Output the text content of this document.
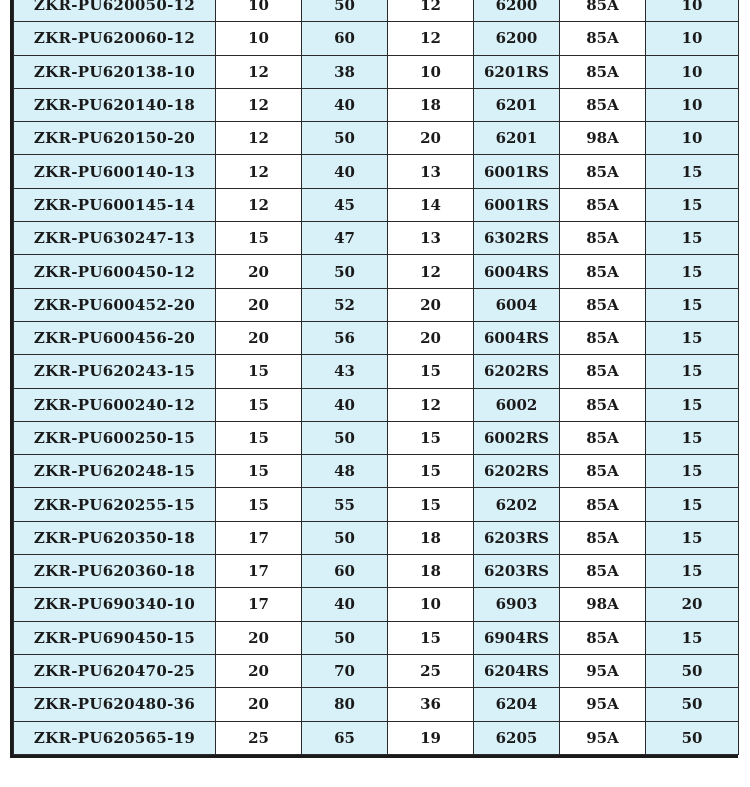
ZKR-PU620050-12	10	50	12	6200	85A	10
ZKR-PU620060-12	10	60	12	6200	85A	10
ZKR-PU620138-10	12	38	10	6201RS	85A	10
ZKR-PU620140-18	12	40	18	6201	85A	10
ZKR-PU620150-20	12	50	20	6201	98A	10
ZKR-PU600140-13	12	40	13	6001RS	85A	15
ZKR-PU600145-14	12	45	14	6001RS	85A	15
ZKR-PU630247-13	15	47	13	6302RS	85A	15
ZKR-PU600450-12	20	50	12	6004RS	85A	15
ZKR-PU600452-20	20	52	20	6004	85A	15
ZKR-PU600456-20	20	56	20	6004RS	85A	15
ZKR-PU620243-15	15	43	15	6202RS	85A	15
ZKR-PU600240-12	15	40	12	6002	85A	15
ZKR-PU600250-15	15	50	15	6002RS	85A	15
ZKR-PU620248-15	15	48	15	6202RS	85A	15
ZKR-PU620255-15	15	55	15	6202	85A	15
ZKR-PU620350-18	17	50	18	6203RS	85A	15
ZKR-PU620360-18	17	60	18	6203RS	85A	15
ZKR-PU690340-10	17	40	10	6903	98A	20
ZKR-PU690450-15	20	50	15	6904RS	85A	15
ZKR-PU620470-25	20	70	25	6204RS	95A	50
ZKR-PU620480-36	20	80	36	6204	95A	50
ZKR-PU620565-19	25	65	19	6205	95A	50
